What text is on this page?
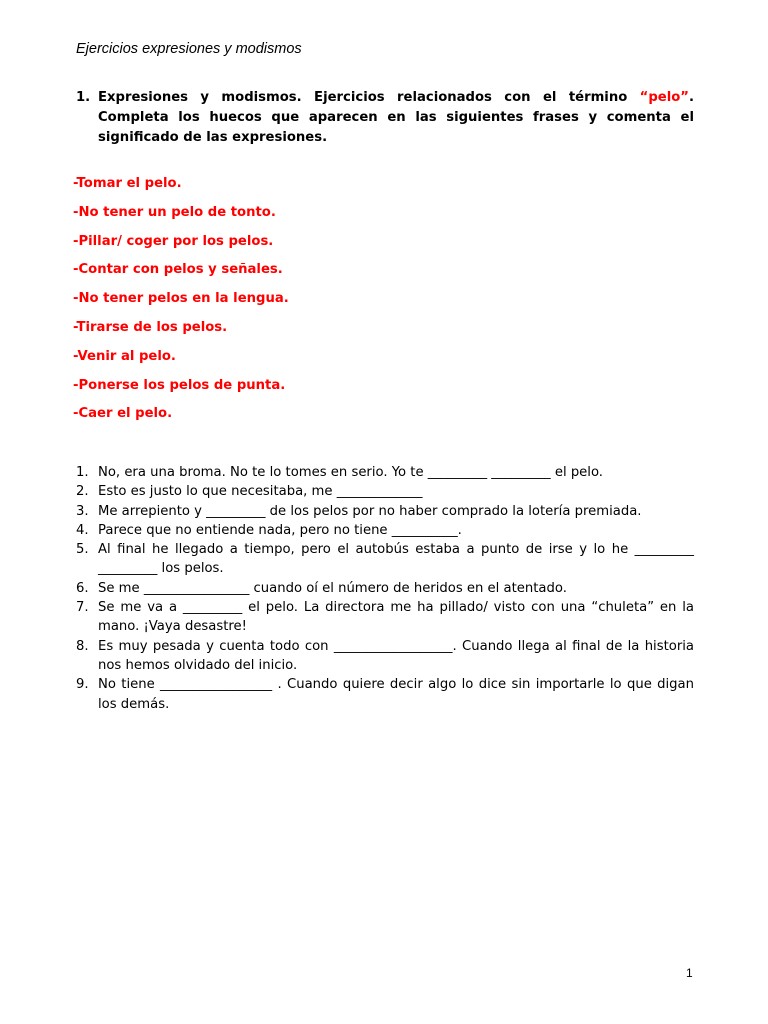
Ejercicios expresiones y modismos
1. Expresiones y modismos. Ejercicios relacionados con el término “pelo”. Completa los huecos que aparecen en las siguientes frases y comenta el significado de las expresiones.
-Tomar el pelo.
-No tener un pelo de tonto.
-Pillar/ coger por los pelos.
-Contar con pelos y señales.
-No tener pelos en la lengua.
-Tirarse de los pelos.
-Venir al pelo.
-Ponerse los pelos de punta.
-Caer el pelo.
1. No, era una broma. No te lo tomes en serio. Yo te _________ _________ el pelo.
2. Esto es justo lo que necesitaba, me _____________
3. Me arrepiento y _________ de los pelos por no haber comprado la lotería premiada.
4. Parece que no entiende nada, pero no tiene __________.
5. Al final he llegado a tiempo, pero el autobús estaba a punto de irse y lo he _________ _________ los pelos.
6. Se me ________________ cuando oí el número de heridos en el atentado.
7. Se me va a _________ el pelo. La directora me ha pillado/ visto con una “chuleta” en la mano. ¡Vaya desastre!
8. Es muy pesada y cuenta todo con __________________. Cuando llega al final de la historia nos hemos olvidado del inicio.
9. No tiene _________________ . Cuando quiere decir algo lo dice sin importarle lo que digan los demás.
1
